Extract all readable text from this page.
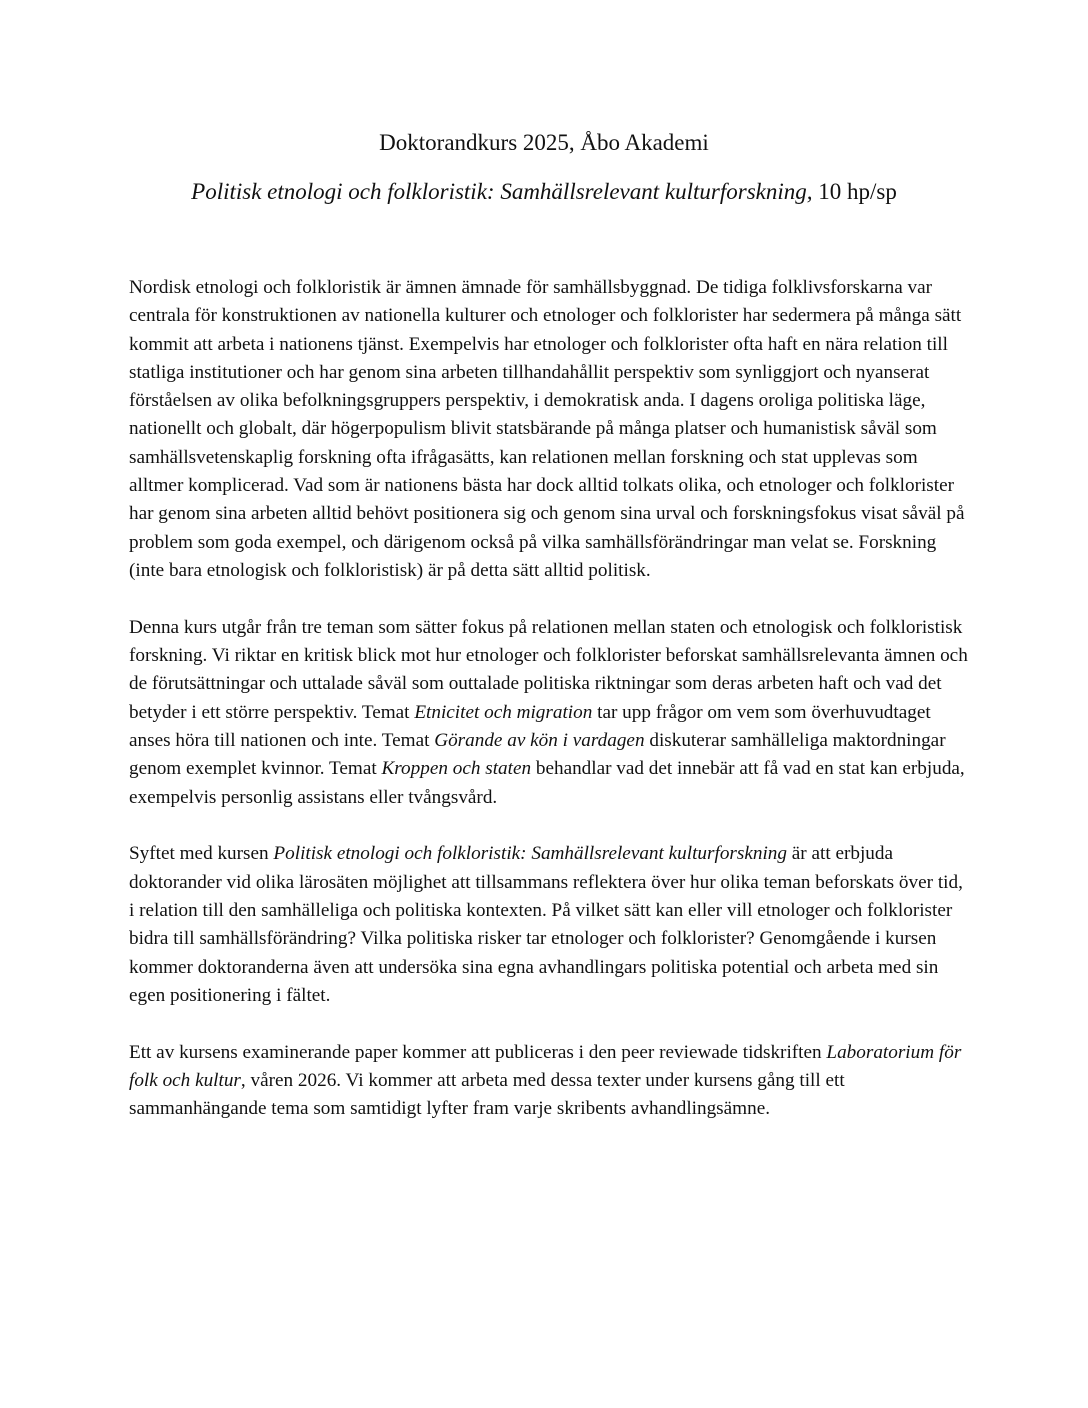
Doktorandkurs 2025, Åbo Akademi
Politisk etnologi och folkloristik: Samhällsrelevant kulturforskning, 10 hp/sp

Nordisk etnologi och folkloristik är ämnen ämnade för samhällsbyggnad. De tidiga folklivsforskarna var centrala för konstruktionen av nationella kulturer och etnologer och folklorister har sedermera på många sätt kommit att arbeta i nationens tjänst. Exempelvis har etnologer och folklorister ofta haft en nära relation till statliga institutioner och har genom sina arbeten tillhandahållit perspektiv som synliggjort och nyanserat förståelsen av olika befolkningsgruppers perspektiv, i demokratisk anda. I dagens oroliga politiska läge, nationellt och globalt, där högerpopulism blivit statsbärande på många platser och humanistisk såväl som samhällsvetenskaplig forskning ofta ifrågasätts, kan relationen mellan forskning och stat upplevas som alltmer komplicerad. Vad som är nationens bästa har dock alltid tolkats olika, och etnologer och folklorister har genom sina arbeten alltid behövt positionera sig och genom sina urval och forskningsfokus visat såväl på problem som goda exempel, och därigenom också på vilka samhällsförändringar man velat se. Forskning (inte bara etnologisk och folkloristisk) är på detta sätt alltid politisk.

Denna kurs utgår från tre teman som sätter fokus på relationen mellan staten och etnologisk och folkloristisk forskning. Vi riktar en kritisk blick mot hur etnologer och folklorister beforskat samhällsrelevanta ämnen och de förutsättningar och uttalade såväl som outtalade politiska riktningar som deras arbeten haft och vad det betyder i ett större perspektiv. Temat Etnicitet och migration tar upp frågor om vem som överhuvudtaget anses höra till nationen och inte. Temat Görande av kön i vardagen diskuterar samhälleliga maktordningar genom exemplet kvinnor. Temat Kroppen och staten behandlar vad det innebär att få vad en stat kan erbjuda, exempelvis personlig assistans eller tvångsvård.

Syftet med kursen Politisk etnologi och folkloristik: Samhällsrelevant kulturforskning är att erbjuda doktorander vid olika lärosäten möjlighet att tillsammans reflektera över hur olika teman beforskats över tid, i relation till den samhälleliga och politiska kontexten. På vilket sätt kan eller vill etnologer och folklorister bidra till samhällsförändring? Vilka politiska risker tar etnologer och folklorister? Genomgående i kursen kommer doktoranderna även att undersöka sina egna avhandlingars politiska potential och arbeta med sin egen positionering i fältet.

Ett av kursens examinerande paper kommer att publiceras i den peer reviewade tidskriften Laboratorium för folk och kultur, våren 2026. Vi kommer att arbeta med dessa texter under kursens gång till ett sammanhängande tema som samtidigt lyfter fram varje skribents avhandlingsämne.
